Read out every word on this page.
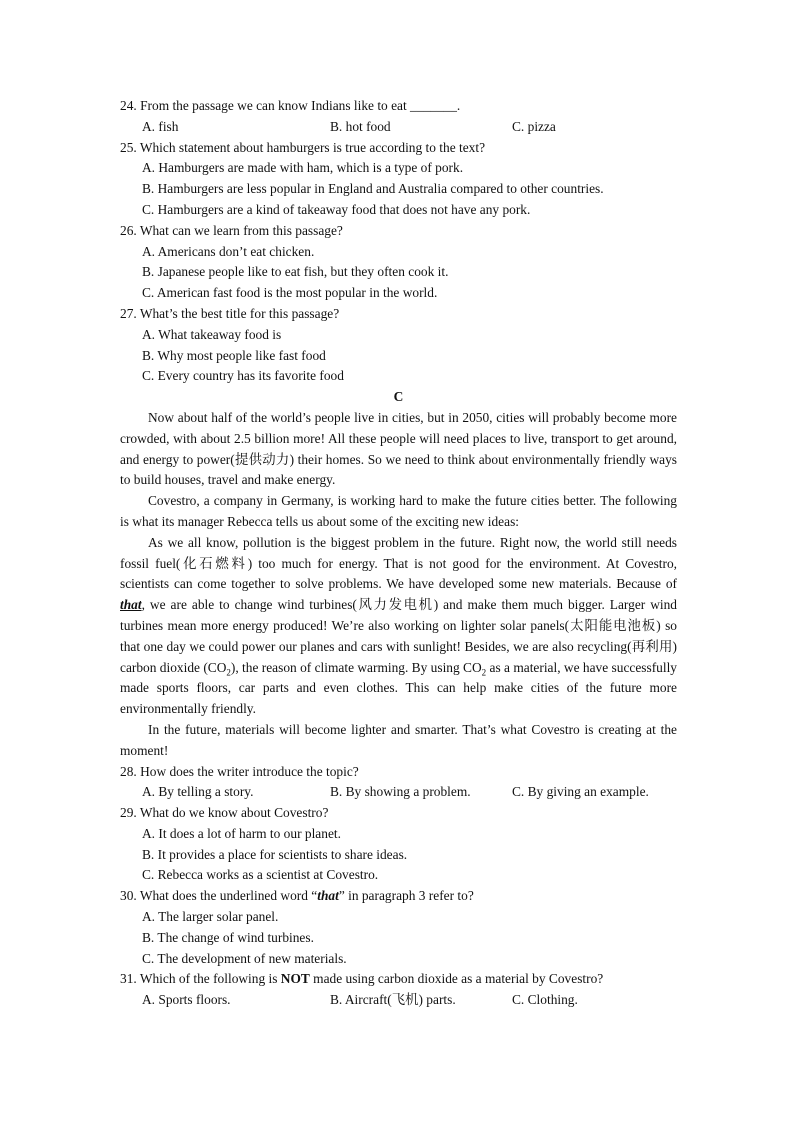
24. From the passage we can know Indians like to eat _______.
A. fish	B. hot food	C. pizza
25. Which statement about hamburgers is true according to the text?
A. Hamburgers are made with ham, which is a type of pork.
B. Hamburgers are less popular in England and Australia compared to other countries.
C. Hamburgers are a kind of takeaway food that does not have any pork.
26. What can we learn from this passage?
A. Americans don’t eat chicken.
B. Japanese people like to eat fish, but they often cook it.
C. American fast food is the most popular in the world.
27. What’s the best title for this passage?
A. What takeaway food is
B. Why most people like fast food
C. Every country has its favorite food
C

Now about half of the world’s people live in cities, but in 2050, cities will probably become more crowded, with about 2.5 billion more! All these people will need places to live, transport to get around, and energy to power(提供动力) their homes. So we need to think about environmentally friendly ways to build houses, travel and make energy.

Covestro, a company in Germany, is working hard to make the future cities better. The following is what its manager Rebecca tells us about some of the exciting new ideas:

As we all know, pollution is the biggest problem in the future. Right now, the world still needs fossil fuel(化石燃料) too much for energy. That is not good for the environment. At Covestro, scientists can come together to solve problems. We have developed some new materials. Because of that, we are able to change wind turbines(风力发电机) and make them much bigger. Larger wind turbines mean more energy produced! We’re also working on lighter solar panels(太阳能电池板) so that one day we could power our planes and cars with sunlight! Besides, we are also recycling(再利用) carbon dioxide $(CO_2)$, the reason of climate warming. By using $CO_2$ as a material, we have successfully made sports floors, car parts and even clothes. This can help make cities of the future more environmentally friendly.

In the future, materials will become lighter and smarter. That’s what Covestro is creating at the moment!

28. How does the writer introduce the topic?
A. By telling a story.	B. By showing a problem.	C. By giving an example.
29. What do we know about Covestro?
A. It does a lot of harm to our planet.
B. It provides a place for scientists to share ideas.
C. Rebecca works as a scientist at Covestro.
30. What does the underlined word “that” in paragraph 3 refer to?
A. The larger solar panel.
B. The change of wind turbines.
C. The development of new materials.
31. Which of the following is NOT made using carbon dioxide as a material by Covestro?
A. Sports floors.	B. Aircraft(飞机) parts.	C. Clothing.
